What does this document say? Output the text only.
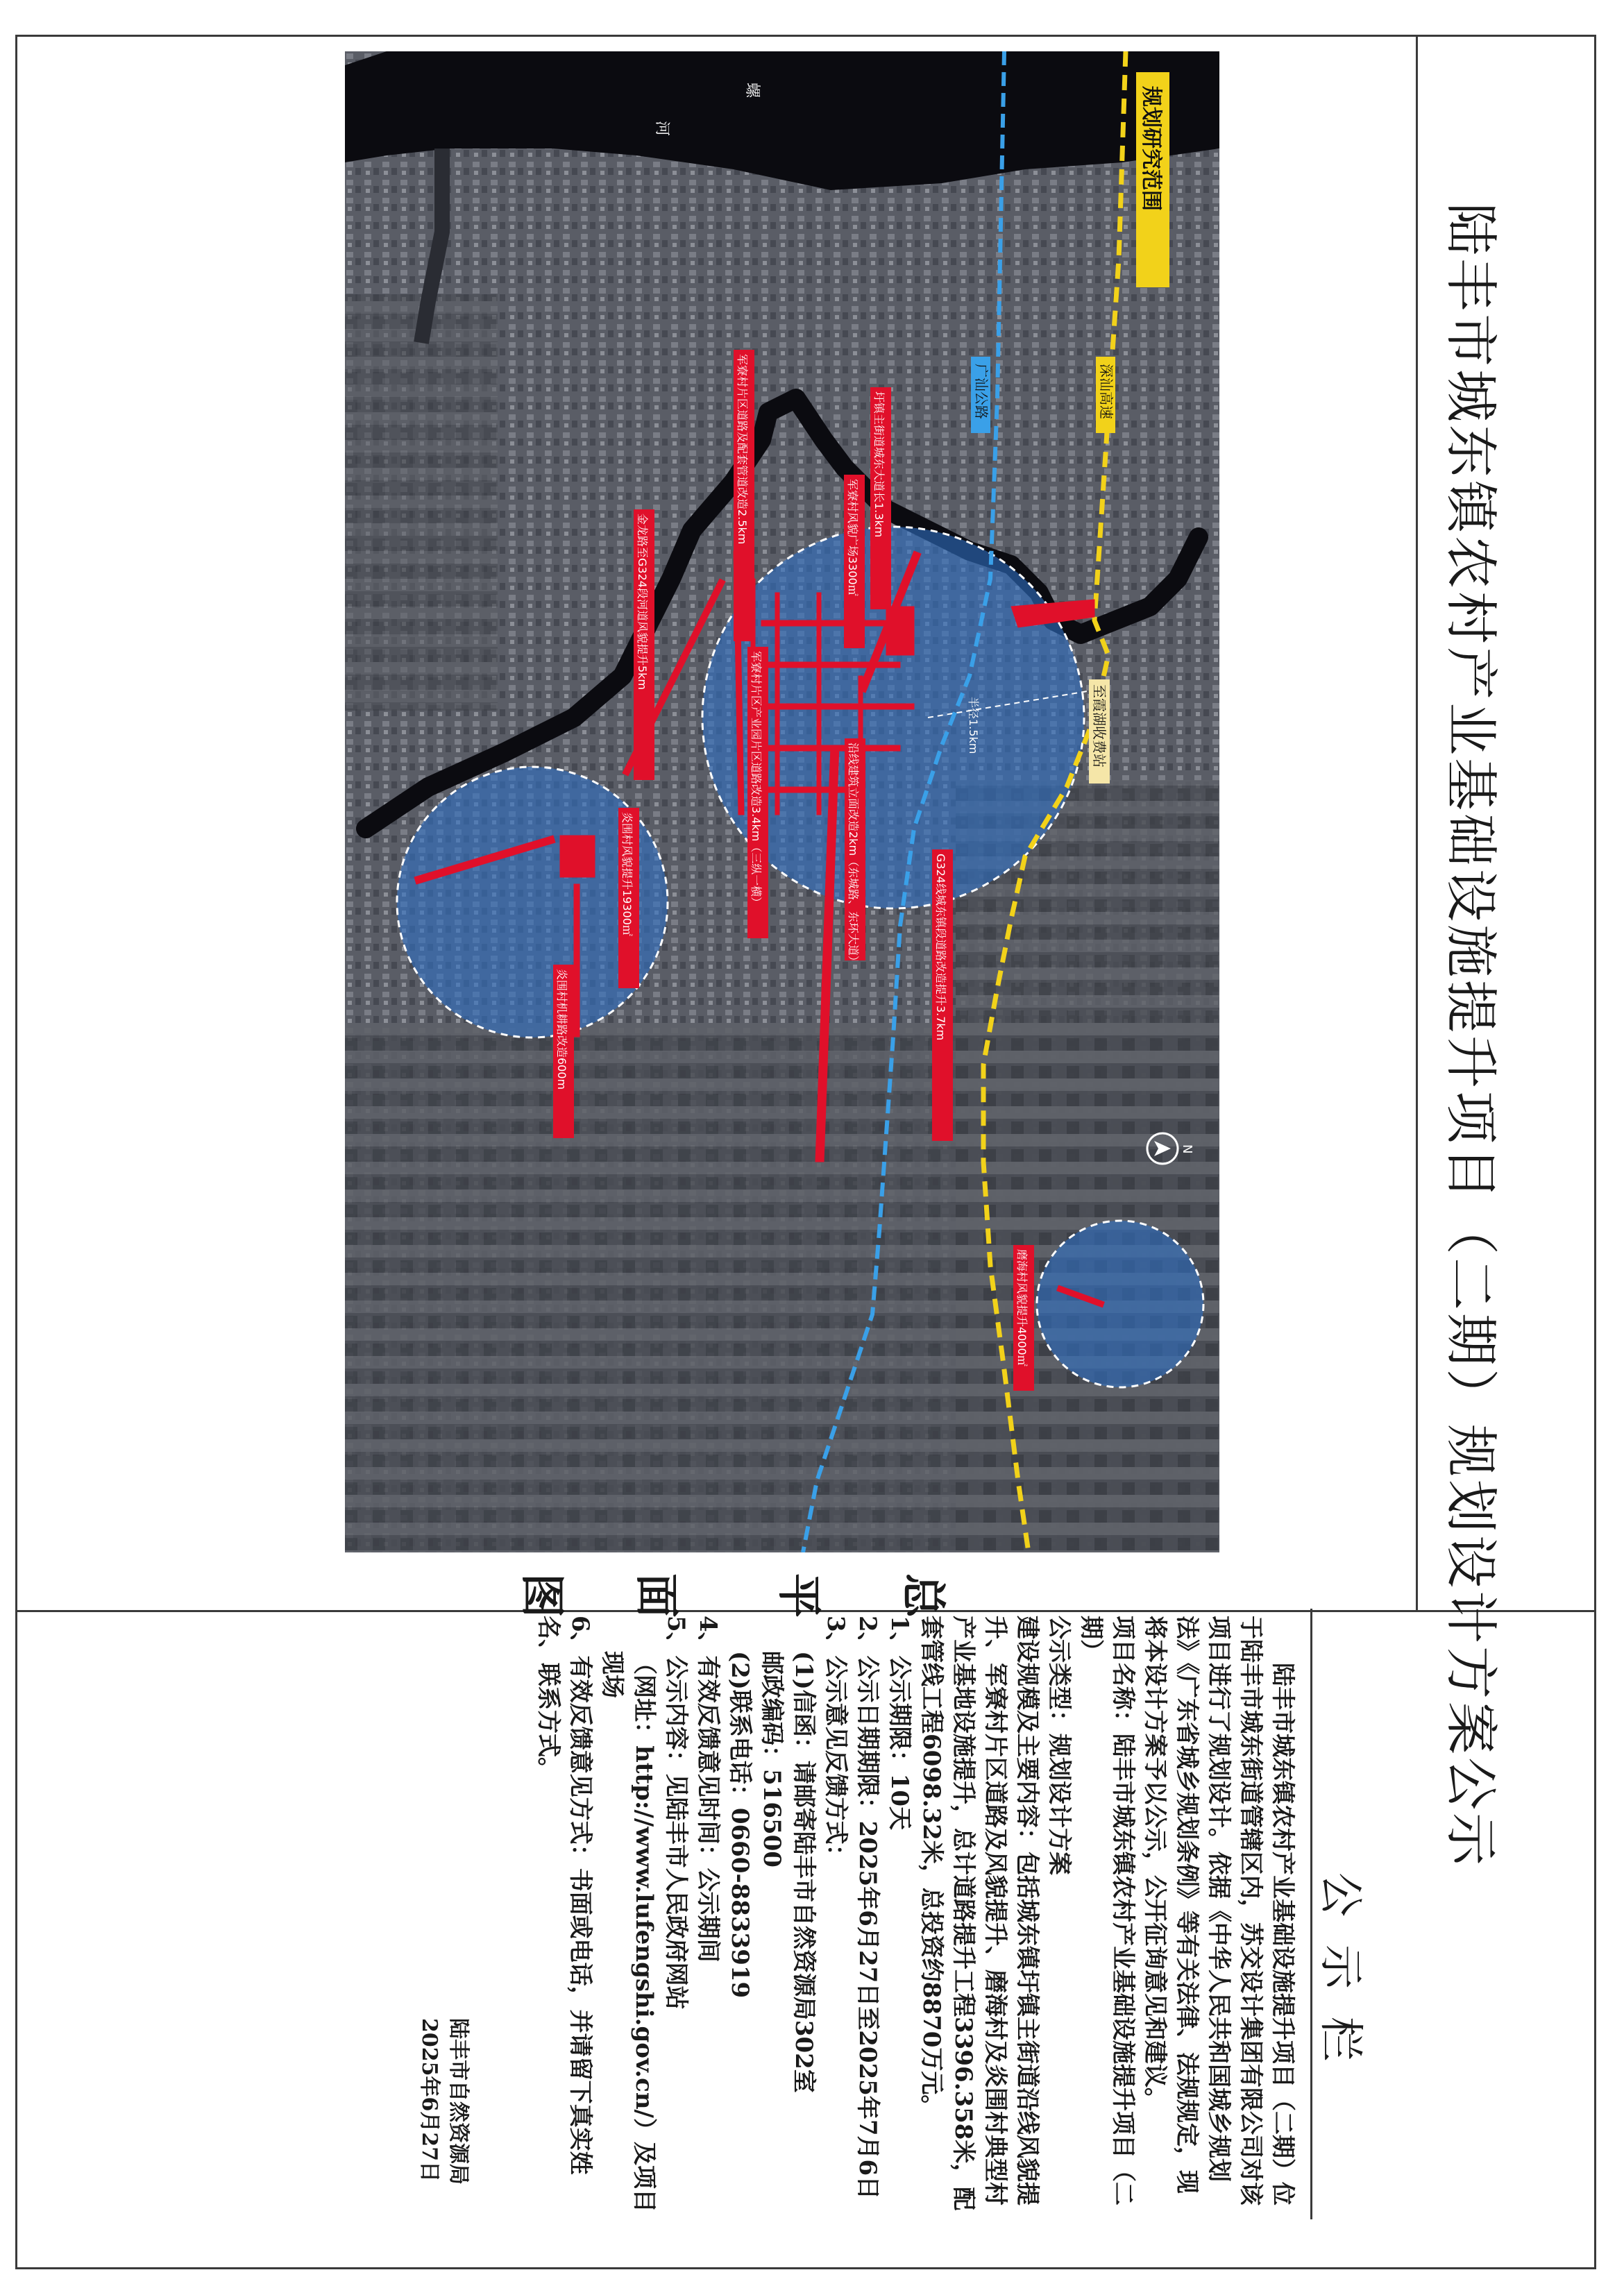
半径1.5km
规划研究范围
深汕高速
广汕公路
至霞湖收费站
螺
河
圩镇主街道城东大道长1.3km
军寮村片区道路及配套管道改造2.5km	军寮村风貌广场3300㎡
金龙路至G324段河道风貌提升5km
军寮村片区产业园片区道路改造3.4km（三纵一横）	沿线建筑立面改造2km（东城路、东环大道）	G324线城东镇段道路改造提升3.7km
炎围村风貌提升19300㎡
炎围村机耕路改造600m
磨海村风貌提升4000㎡
N	陆丰市城东镇农村产业基础设施提升项目（二期）规划设计方案公示
总
平
面
图
公示栏

陆丰市城东镇农村产业基础设施提升项目（二期）位于陆丰市城东街道管辖区内，苏交设计集团有限公司对该项目进行了规划设计。依据《中华人民共和国城乡规划法》《广东省城乡规划条例》等有关法律、法规规定，现将本设计方案予以公示，公开征询意见和建议。

项目名称：陆丰市城东镇农村产业基础设施提升项目（二期）

公示类型：规划设计方案

建设规模及主要内容：包括城东镇圩镇主街道沿线风貌提升、军寮村片区道路及风貌提升、磨海村及炎围村典型村产业基地设施提升，总计道路提升工程3396.358米，配套管线工程6098.32米，总投资约8870万元。

1、公示期限：10天

2、公示日期期限：2025年6月27日至2025年7月6日

3、公示意见反馈方式：

(1)信函：请邮寄陆丰市自然资源局302室

邮政编码：516500

(2)联系电话：0660-8833919

4、有效反馈意见时间：公示期间

5、公示内容：见陆丰市人民政府网站

（网址：http://www.lufengshi.gov.cn/）及项目现场

6、有效反馈意见方式：书面或电话，并请留下真实姓名、联系方式。

陆丰市自然资源局
2025年6月27日
